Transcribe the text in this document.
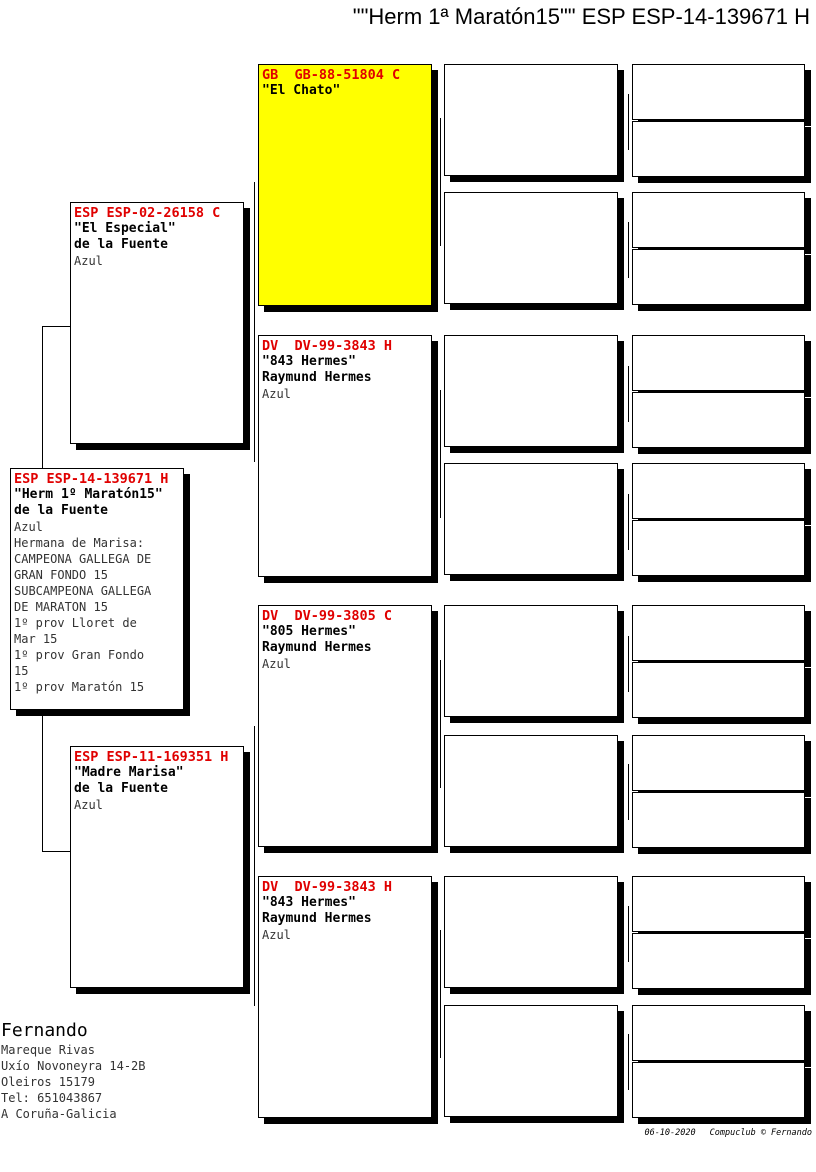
""Herm 1ª Maratón15"" ESP ESP-14-139671 H
ESP ESP-14-139671 H
"Herm 1º Maratón15"
de la Fuente
Azul
Hermana de Marisa:
CAMPEONA GALLEGA DE
GRAN FONDO 15
SUBCAMPEONA GALLEGA
DE MARATON 15
1º prov Lloret de
Mar 15
1º prov Gran Fondo
15
1º prov Maratón 15
ESP ESP-02-26158 C
"El Especial"
de la Fuente
Azul
ESP ESP-11-169351 H
"Madre Marisa"
de la Fuente
Azul
GB  GB-88-51804 C
"El Chato"
DV  DV-99-3843 H
"843 Hermes"
Raymund Hermes
Azul
DV  DV-99-3805 C
"805 Hermes"
Raymund Hermes
Azul
DV  DV-99-3843 H
"843 Hermes"
Raymund Hermes
Azul
Fernando
Mareque Rivas
Uxío Novoneyra 14-2B
Oleiros 15179
Tel: 651043867
A Coruña-Galicia
06-10-2020 Compuclub © Fernando
